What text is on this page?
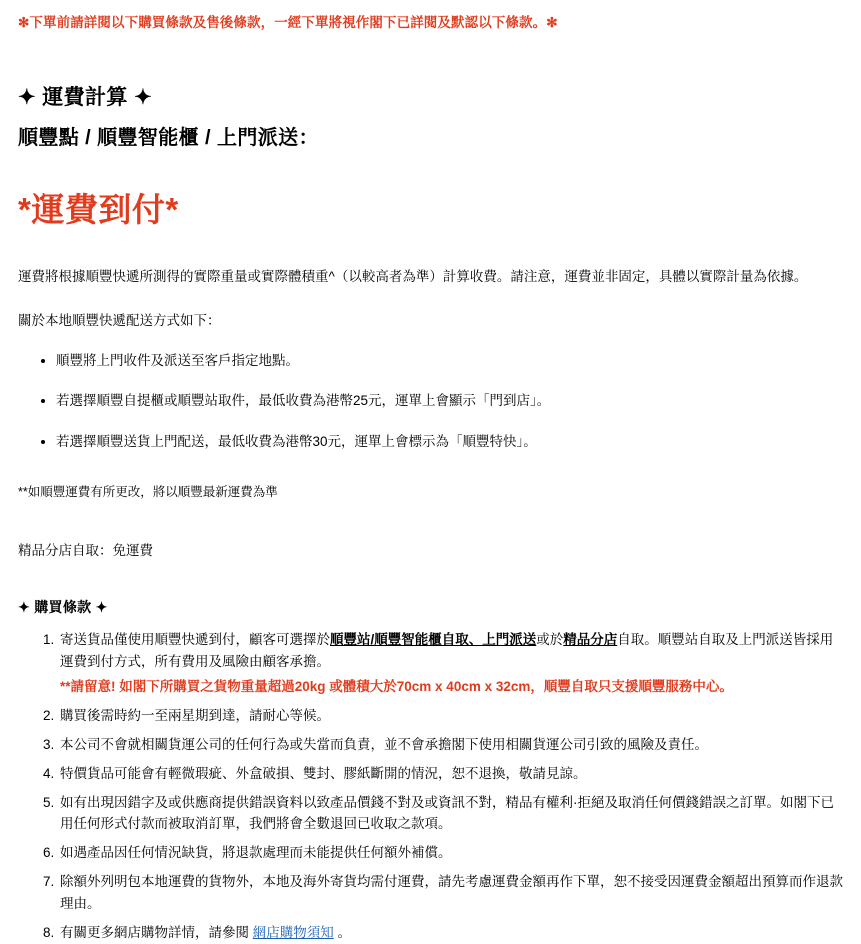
✻下單前請詳閱以下購買條款及售後條款，一經下單將視作閣下已詳閱及默認以下條款。✻
✦ 運費計算 ✦
順豐點 / 順豐智能櫃 / 上門派送：
*運費到付*
運費將根據順豐快遞所測得的實際重量或實際體積重^（以較高者為準）計算收費。請注意，運費並非固定，具體以實際計量為依據。
關於本地順豐快遞配送方式如下：
• 順豐將上門收件及派送至客戶指定地點。
• 若選擇順豐自提櫃或順豐站取件，最低收費為港幣25元，運單上會顯示「門到店」。
• 若選擇順豐送貨上門配送，最低收費為港幣30元，運單上會標示為「順豐特快」。
**如順豐運費有所更改，將以順豐最新運費為準
精品分店自取：免運費
✦ 購買條款 ✦
1. 寄送貨品僅使用順豐快遞到付，顧客可選擇於順豐站/順豐智能櫃自取、上門派送或於精品分店自取。順豐站自取及上門派送皆採用運費到付方式，所有費用及風險由顧客承擔。
**請留意! 如閣下所購買之貨物重量超過20kg 或體積大於70cm x 40cm x 32cm，順豐自取只支援順豐服務中心。
2. 購買後需時約一至兩星期到達，請耐心等候。
3. 本公司不會就相關貨運公司的任何行為或失當而負責，並不會承擔閣下使用相關貨運公司引致的風險及責任。
4. 特價貨品可能會有輕微瑕疵、外盒破損、雙封、膠紙斷開的情況，恕不退換，敬請見諒。
5. 如有出現因錯字及或供應商提供錯誤資料以致產品價錢不對及或資訊不對，精品有權利·拒絕及取消任何價錢錯誤之訂單。如閣下已用任何形式付款而被取消訂單，我們將會全數退回已收取之款項。
6. 如遇產品因任何情況缺貨，將退款處理而未能提供任何額外補償。
7. 除額外列明包本地運費的貨物外，本地及海外寄貨均需付運費，請先考慮運費金額再作下單，恕不接受因運費金額超出預算而作退款理由。
8. 有關更多網店購物詳情，請參閱 網店購物須知 。
